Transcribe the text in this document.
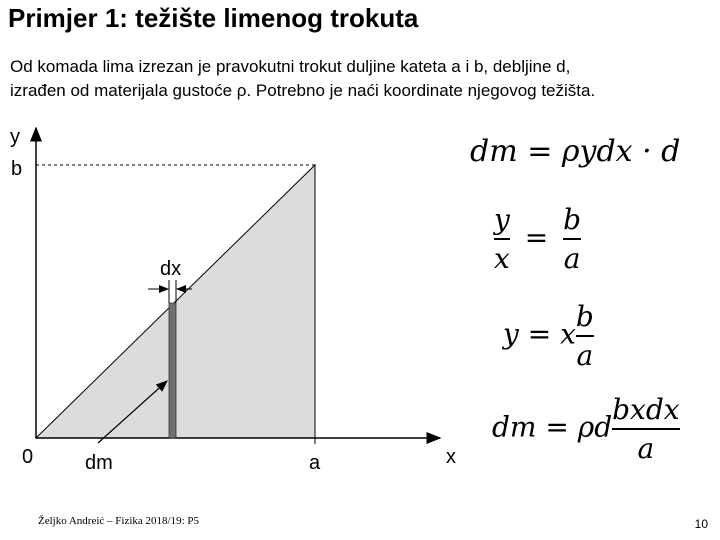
Primjer 1: težište limenog trokuta
Od komada lima izrezan je pravokutni trokut duljine kateta a i b, debljine d,
izrađen od materijala gustoće ρ. Potrebno je naći koordinate njegovog težišta.
y
b
0
dx
dm	a	x
dm = ρydx · d
$\frac{y}{x} = \frac{b}{a}$
y = x $\frac{b}{a}$
dm = ρd $\frac{\text{bxdx}}{a}$
Željko Andreić – Fizika 2018/19: P5	10
